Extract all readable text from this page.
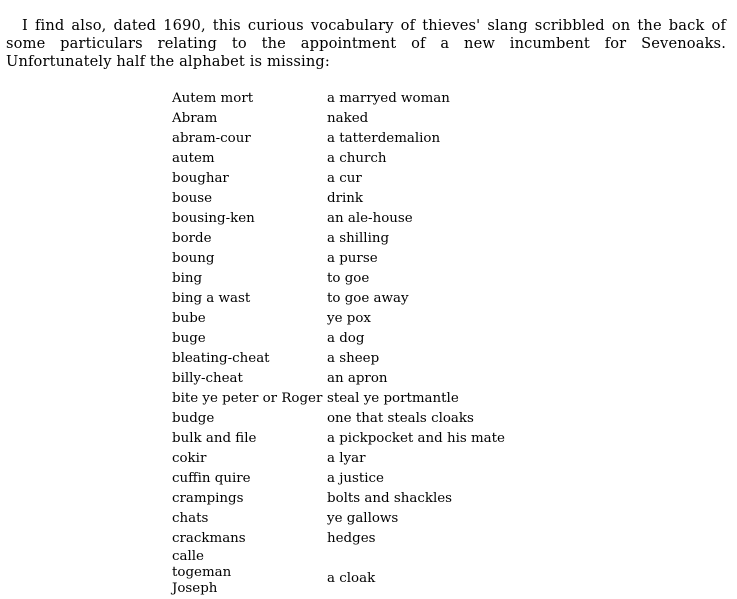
I find also, dated 1690, this curious vocabulary of thieves' slang scribbled on the back of some particulars relating to the appointment of a new incumbent for Sevenoaks. Unfortunately half the alphabet is missing:

Autem mort	a marryed woman
Abram	naked
abram-cour	a tatterdemalion
autem	a church
boughar	a cur
bouse	drink
bousing-ken	an ale-house
borde	a shilling
boung	a purse
bing	to goe
bing a wast	to goe away
bube	ye pox
buge	a dog
bleating-cheat	a sheep
billy-cheat	an apron
bite ye peter or Roger	steal ye portmantle
budge	one that steals cloaks
bulk and file	a pickpocket and his mate
cokir	a lyar
cuffin quire	a justice
crampings	bolts and shackles
chats	ye gallows
crackmans	hedges

calle
togeman
Joseph	a cloak
